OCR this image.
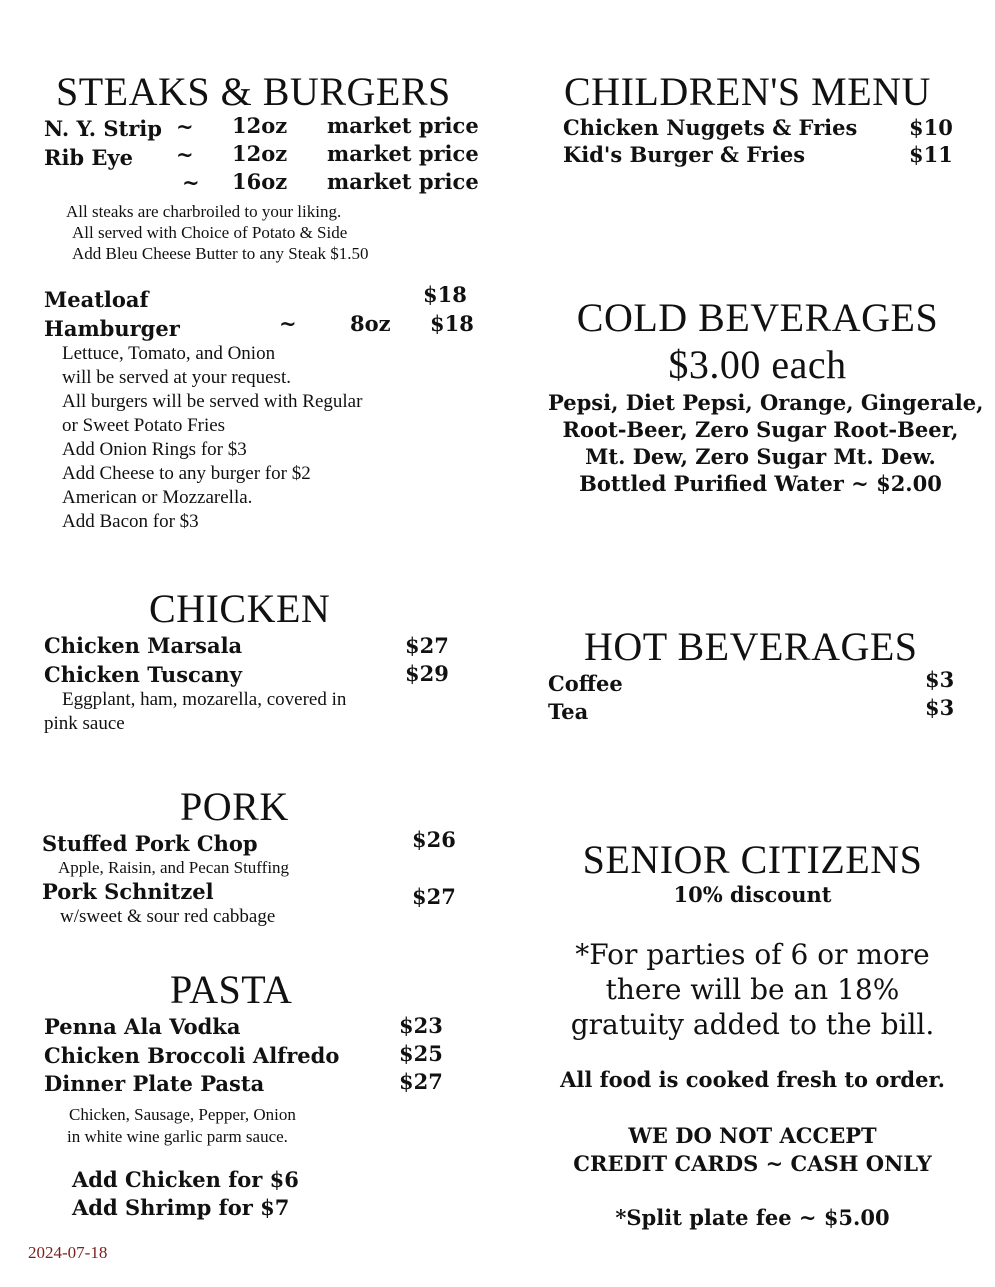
STEAKS & BURGERS
N. Y. Strip ~ 12oz market price
Rib Eye ~ 12oz market price
~ 16oz market price
All steaks are charbroiled to your liking.
All served with Choice of Potato & Side
Add Bleu Cheese Butter to any Steak $1.50
Meatloaf	$18
Hamburger	~	8oz $18
Lettuce, Tomato, and Onion
will be served at your request.
All burgers will be served with Regular
or Sweet Potato Fries
Add Onion Rings for $3
Add Cheese to any burger for $2
American or Mozzarella.
Add Bacon for $3
CHICKEN
Chicken Marsala	$27
Chicken Tuscany	$29
Eggplant, ham, mozarella, covered in
pink sauce
PORK
Stuffed Pork Chop	$26
Apple, Raisin, and Pecan Stuffing
Pork Schnitzel	$27
w/sweet & sour red cabbage
PASTA
Penna Ala Vodka	$23
Chicken Broccoli Alfredo	$25
Dinner Plate Pasta	$27
Chicken, Sausage, Pepper, Onion
in white wine garlic parm sauce.
Add Chicken for $6
Add Shrimp for $7
CHILDREN'S MENU
Chicken Nuggets & Fries $10
Kid's Burger & Fries	$11
COLD BEVERAGES
$3.00 each
Pepsi, Diet Pepsi, Orange, Gingerale,
Root-Beer, Zero Sugar Root-Beer,
Mt. Dew, Zero Sugar Mt. Dew.
Bottled Purified Water ~ $2.00
HOT BEVERAGES
Coffee	$3
Tea	$3
SENIOR CITIZENS
10% discount
*For parties of 6 or more
there will be an 18%
gratuity added to the bill.
All food is cooked fresh to order.
WE DO NOT ACCEPT
CREDIT CARDS ~ CASH ONLY
*Split plate fee ~ $5.00
2024-07-18
